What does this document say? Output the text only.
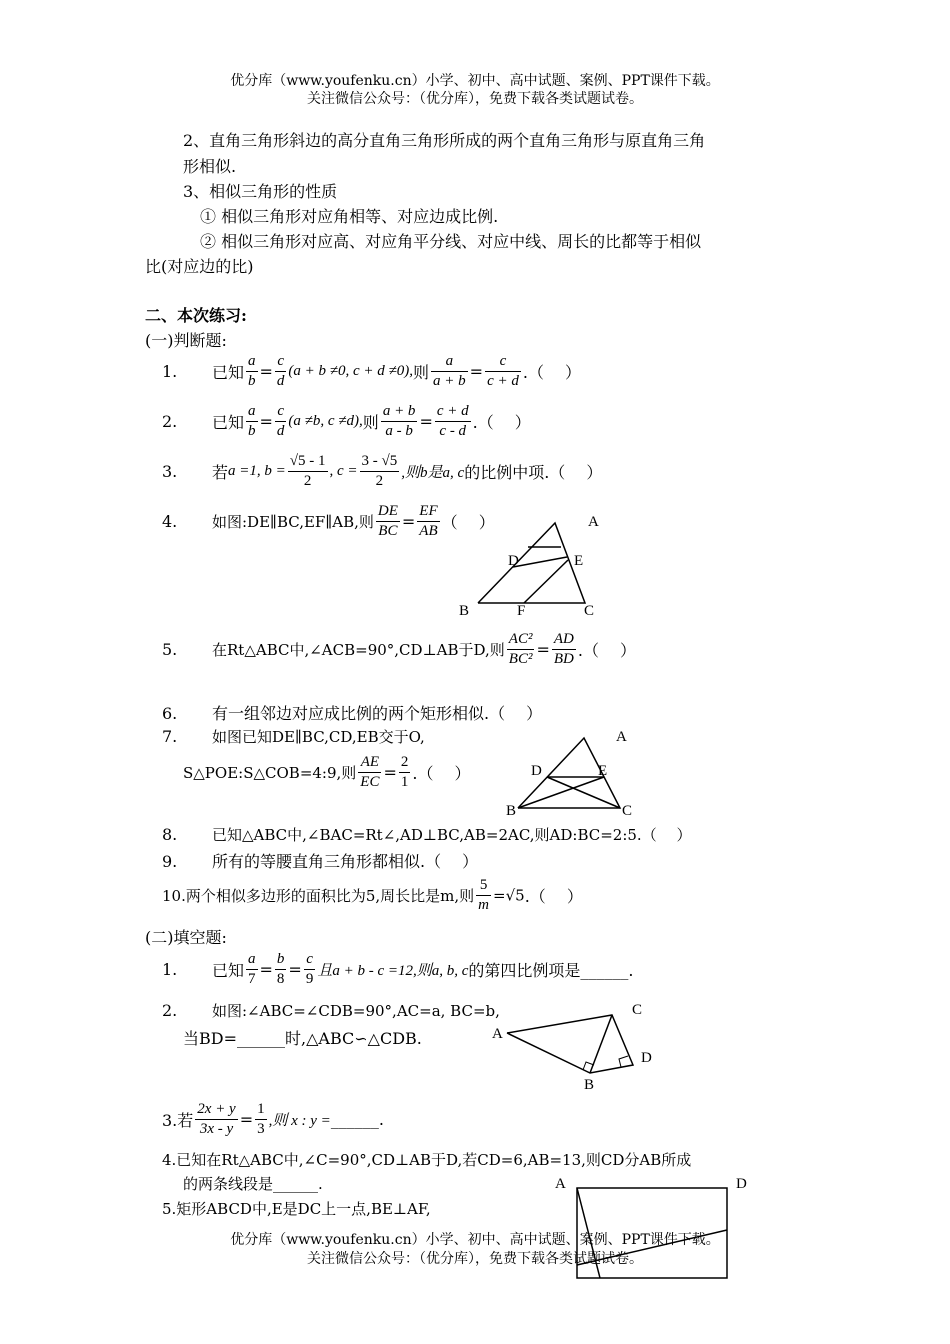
优分库（www.youfenku.cn）小学、初中、高中试题、案例、PPT课件下载。
关注微信公众号：（优分库），免费下载各类试题试卷。
2、直角三角形斜边的高分直角三角形所成的两个直角三角形与原直角三角
形相似.
3、相似三角形的性质
① 相似三角形对应角相等、对应边成比例.
② 相似三角形对应高、对应角平分线、对应中线、周长的比都等于相似
比(对应边的比)
二、本次练习:
(一)判断题:
1. 已知 $\frac{a}{b} = \frac{c}{d} (a + b \ne 0$, c + d ≠0),则 $\frac{a}{a + b} = \frac{c}{c + d}$ .（　 ）
2. 已知 $\frac{a}{b} = \frac{c}{d} (a \ne b$, c ≠d),则 $\frac{a + b}{a - b} = \frac{c + d}{c - d}$ .（　 ）
3. 若a =1, $b = \frac{√5 - 1}{2}$ , $c = \frac{3 - √5}{2}$ ,则b是a, c的比例中项.（　 ）
4. 如图:DE∥BC,EF∥AB,则 $\frac{DE}{BC} = \frac{EF}{AB}$ （　 ）	A
D	E
B	F	C
5. 在Rt△ABC中,∠ACB=90°,CD⊥AB于D,则 $\frac{\text{AC²}}{\text{BC²}} = \frac{AD}{BD}$ .（　 ）
6. 有一组邻边对应成比例的两个矩形相似.（　 ）
7. 如图已知DE∥BC,CD,EB交于O,
S△POE:S△COB=4:9,则 $\frac{AE}{EC} = \frac{2}{1}$ .（　 ）
A
D	E
B	C
8. 已知△ABC中,∠BAC=Rt∠,AD⊥BC,AB=2AC,则AD:BC=2:5.（　 ）
9. 所有的等腰直角三角形都相似.（　 ）
10.两个相似多边形的面积比为5,周长比是m,则 $\frac{5}{m} =√5$.（　 ）
(二)填空题:
1. 已知 $\frac{a}{7} = \frac{b}{8} = \frac{c}{9}$ 且a + b - c =12,则a, b, c的第四比例项是______.
2. 如图:∠ABC=∠CDB=90°,AC=a, BC=b,
当BD=______时,△ABC∽△CDB.
C
A
D
B
3.若 $\frac{2x + y}{3x - y} = \frac{1}{3}$ ,则 x : y =______.
4.已知在Rt△ABC中,∠C=90°,CD⊥AB于D,若CD=6,AB=13,则CD分AB所成
的两条线段是______.
5.矩形ABCD中,E是DC上一点,BE⊥AF,
A	D
优分库（www.youfenku.cn）小学、初中、高中试题、案例、PPT课件下载。
关注微信公众号：（优分库），免费下载各类试题试卷。
